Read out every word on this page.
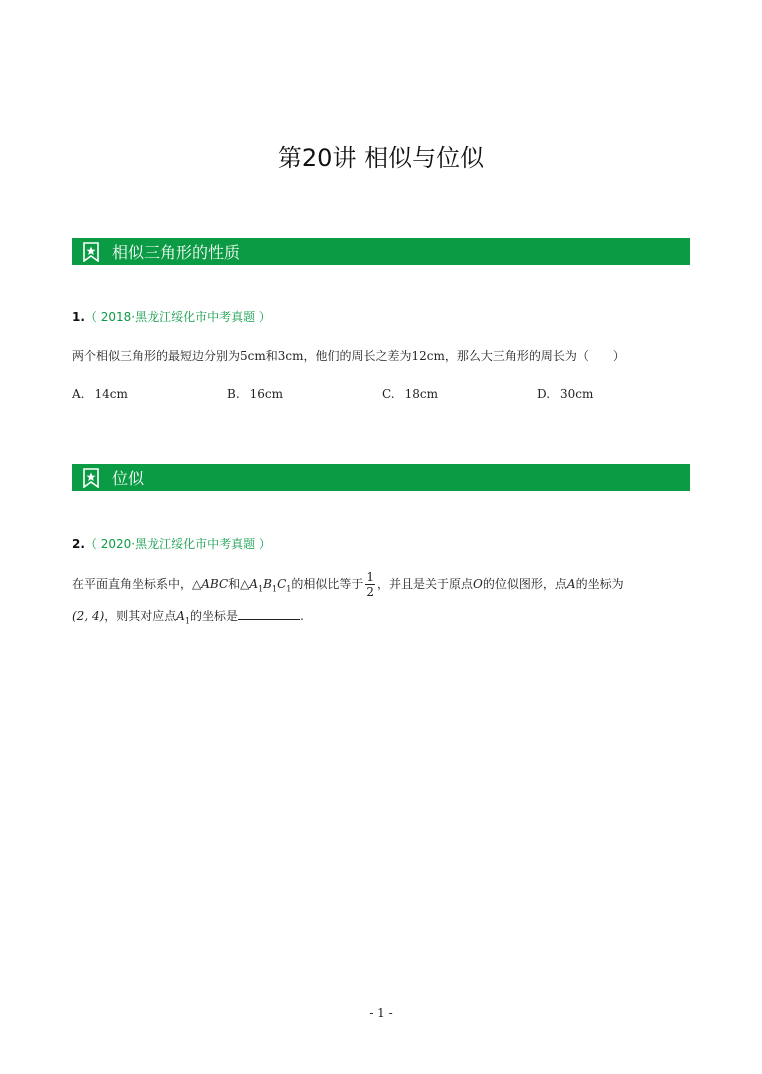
第20讲 相似与位似
相似三角形的性质
1.（ 2018·黑龙江绥化市中考真题 ）
两个相似三角形的最短边分别为5cm和3cm，他们的周长之差为12cm，那么大三角形的周长为（　　）
A. 14cm	B. 16cm	C. 18cm	D. 30cm
位似
2.（ 2020·黑龙江绥化市中考真题 ）
在平面直角坐标系中，△ABC和$\triangle A_1B_1C_1$的相似比等于 $\frac{1}{2}$ ，并且是关于原点O的位似图形，点A的坐标为
(2, 4)，则其对应点$A_1$的坐标是	.
- 1 -
